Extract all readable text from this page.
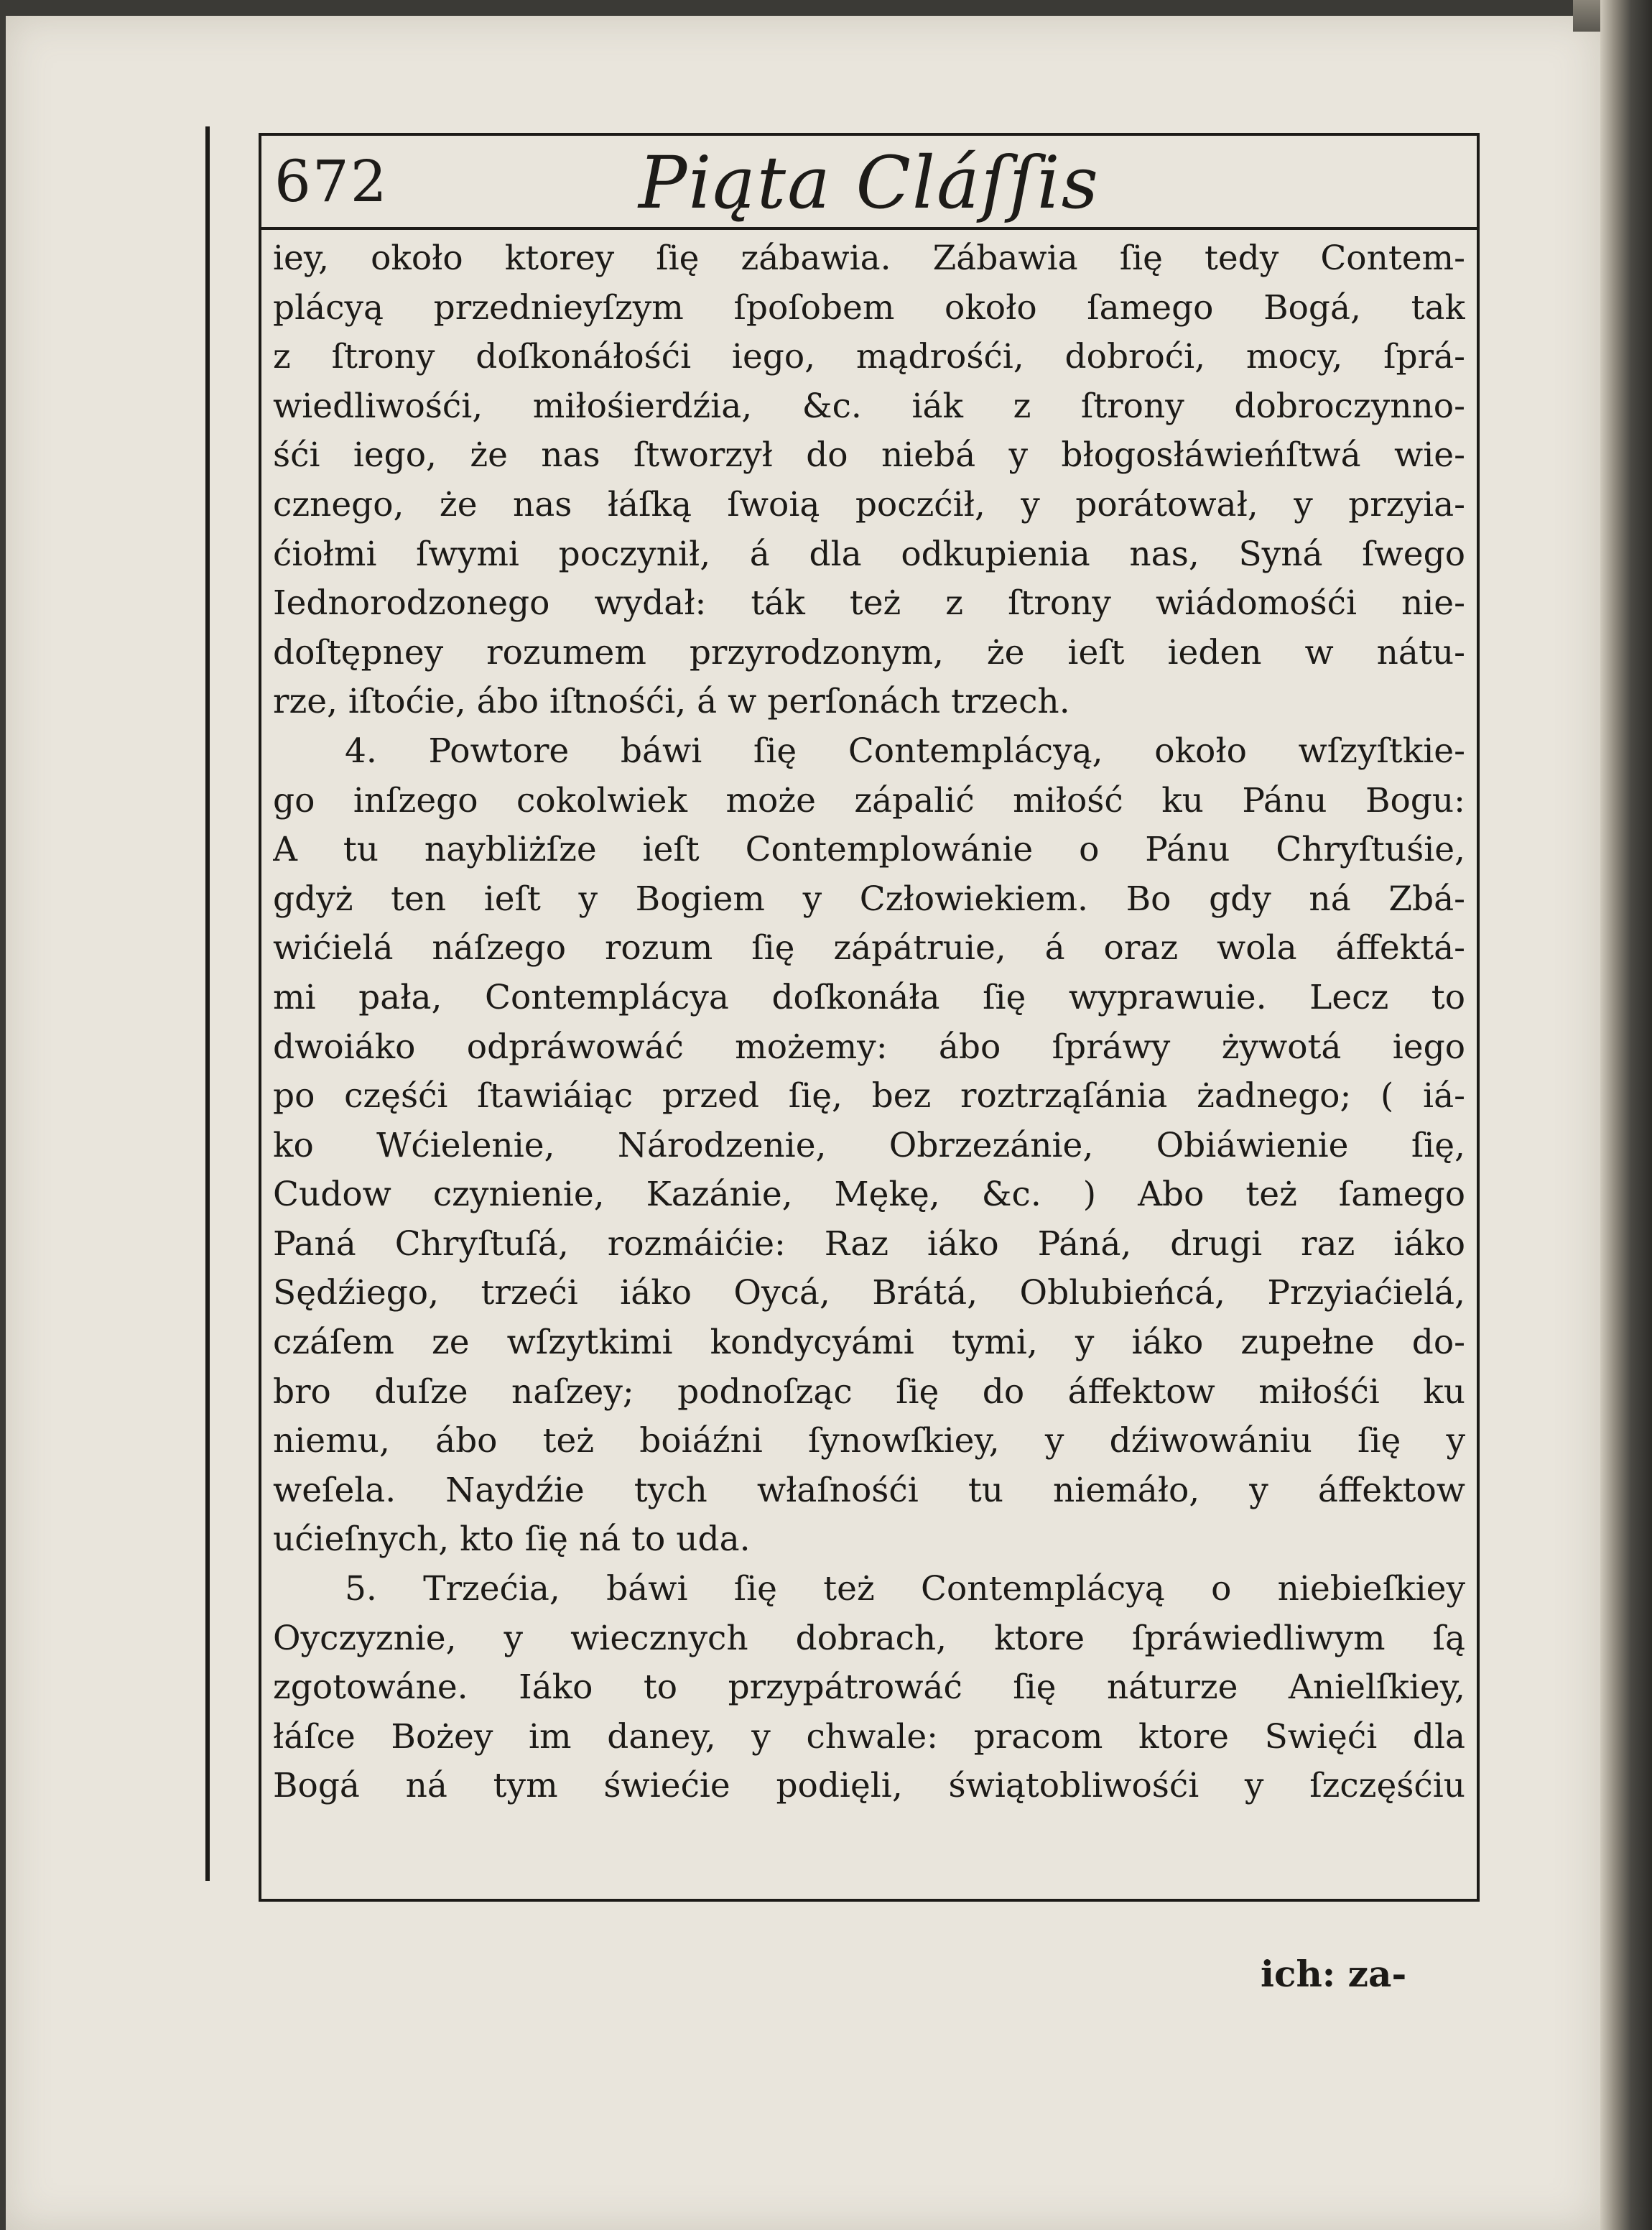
672	Piąta Cláſſis
iey, około ktorey ſię zábawia. Zábawia ſię tedy Contem-
plácyą przednieyſzym ſpoſobem około ſamego Bogá, tak
z ſtrony doſkonáłośći iego, mądrośći, dobroći, mocy, ſprá-
wiedliwośći, miłośierdźia, &c. iák z ſtrony dobroczynno-
śći iego, że nas ſtworzył do niebá y błogosłáwieńſtwá wie-
cznego, że nas łáſką ſwoią poczćił, y porátował, y przyia-
ćiołmi ſwymi poczynił, á dla odkupienia nas, Syná ſwego
Iednorodzonego wydał: ták też z ſtrony wiádomośći nie-
doſtępney rozumem przyrodzonym, że ieſt ieden w nátu-
rze, iſtoćie, ábo iſtnośći, á w perſonách trzech.
4. Powtore báwi ſię Contemplácyą, około wſzyſtkie-
go inſzego cokolwiek może zápalić miłość ku Pánu Bogu:
A tu naybliżſze ieſt Contemplowánie o Pánu Chryſtuśie,
gdyż ten ieſt y Bogiem y Człowiekiem. Bo gdy ná Zbá-
wićielá náſzego rozum ſię zápátruie, á oraz wola áffektá-
mi pała, Contemplácya doſkonáła ſię wyprawuie. Lecz to
dwoiáko odpráwowáć możemy: ábo ſpráwy żywotá iego
po częśći ſtawiáiąc przed ſię, bez roztrząſánia żadnego; ( iá-
ko Wćielenie, Národzenie, Obrzezánie, Obiáwienie ſię,
Cudow czynienie, Kazánie, Mękę, &c. ) Abo też ſamego
Paná Chryſtuſá, rozmáićie: Raz iáko Páná, drugi raz iáko
Sędźiego, trzeći iáko Oycá, Brátá, Oblubieńcá, Przyiaćielá,
czáſem ze wſzytkimi kondycyámi tymi, y iáko zupełne do-
bro duſze naſzey; podnoſząc ſię do áffektow miłośći ku
niemu, ábo też boiáźni ſynowſkiey, y dźiwowániu ſię y
weſela. Naydźie tych właſnośći tu niemáło, y áffektow
ućieſnych, kto ſię ná to uda.
5. Trzećia, báwi ſię też Contemplácyą o niebieſkiey
Oyczyznie, y wiecznych dobrach, ktore ſpráwiedliwym ſą
zgotowáne. Iáko to przypátrowáć ſię náturze Anielſkiey,
łáſce Bożey im daney, y chwale: pracom ktore Swięći dla
Bogá ná tym świećie podięli, świątobliwośći y ſzczęśćiu
ich: za-
